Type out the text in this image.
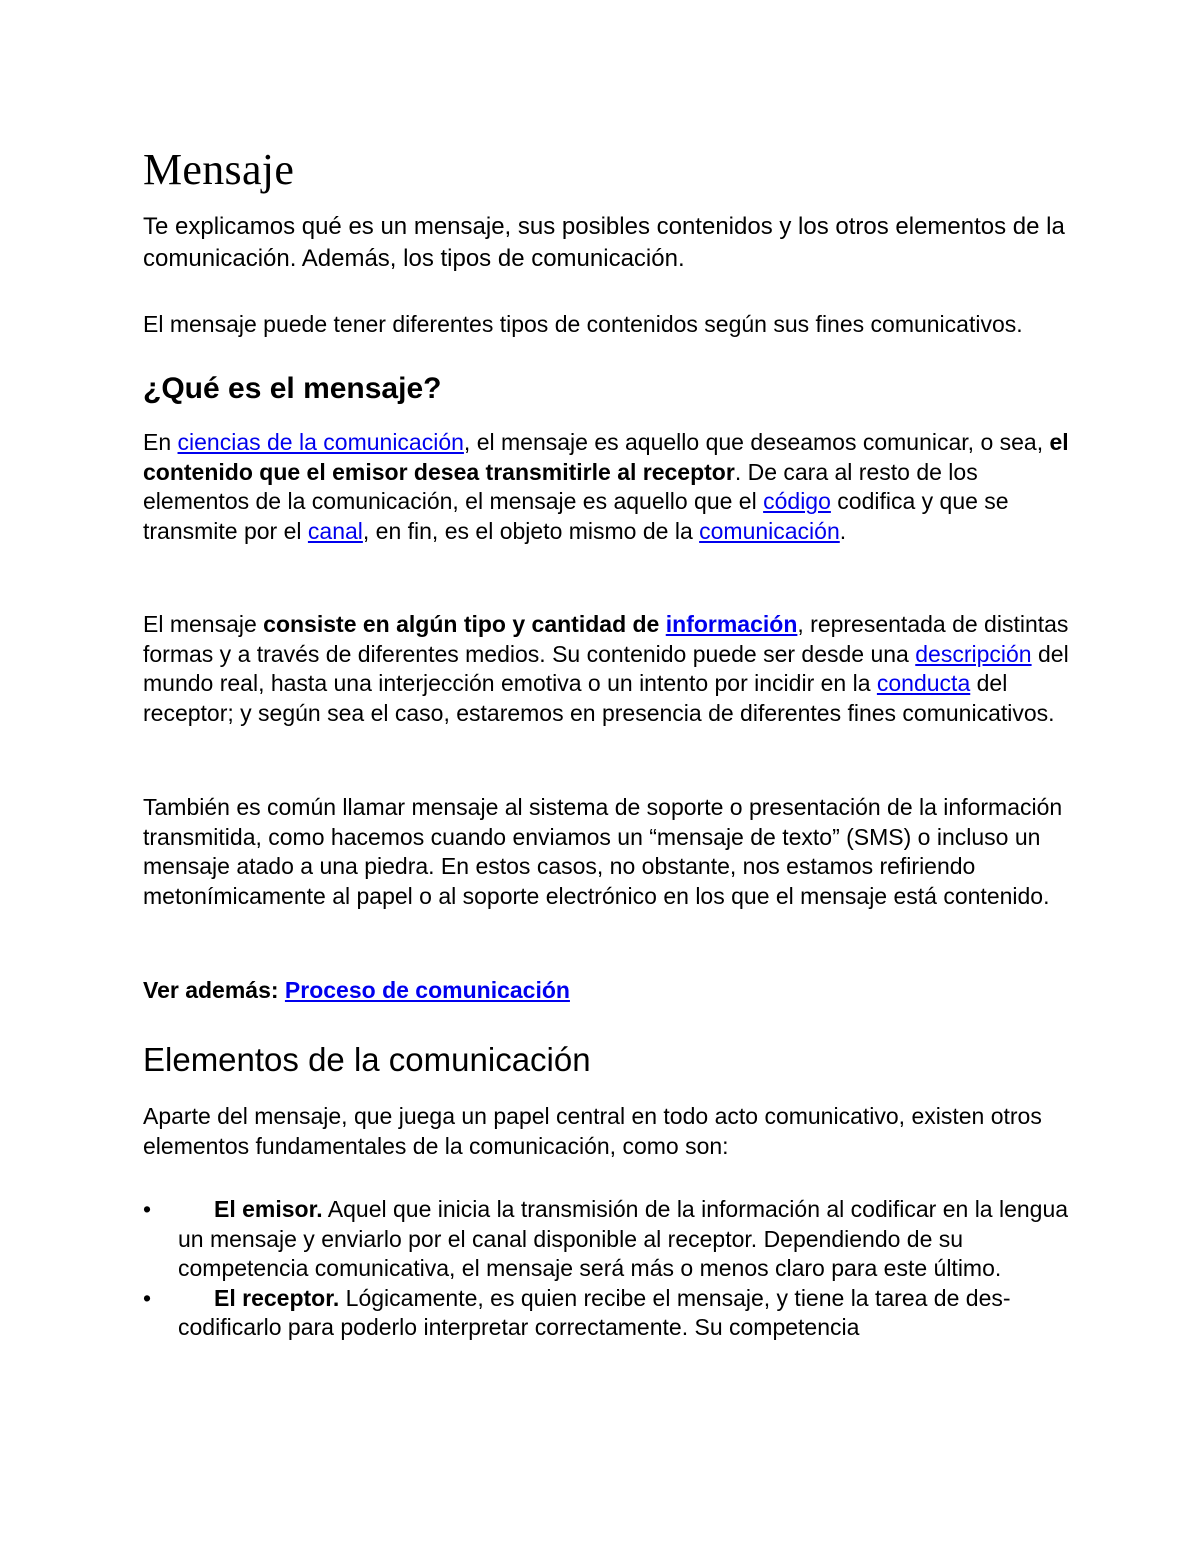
Mensaje

Te explicamos qué es un mensaje, sus posibles contenidos y los otros elementos de la comunicación. Además, los tipos de comunicación.

El mensaje puede tener diferentes tipos de contenidos según sus fines comunicativos.

¿Qué es el mensaje?

En ciencias de la comunicación, el mensaje es aquello que deseamos comunicar, o sea, el contenido que el emisor desea transmitirle al receptor. De cara al resto de los elementos de la comunicación, el mensaje es aquello que el código codifica y que se transmite por el canal, en fin, es el objeto mismo de la comunicación.

El mensaje consiste en algún tipo y cantidad de información, representada de distintas formas y a través de diferentes medios. Su contenido puede ser desde una descripción del mundo real, hasta una interjección emotiva o un intento por incidir en la conducta del receptor; y según sea el caso, estaremos en presencia de diferentes fines comunicativos.

También es común llamar mensaje al sistema de soporte o presentación de la información transmitida, como hacemos cuando enviamos un “mensaje de texto” (SMS) o incluso un mensaje atado a una piedra. En estos casos, no obstante, nos estamos refiriendo metonímicamente al papel o al soporte electrónico en los que el mensaje está contenido.

Ver además: Proceso de comunicación

Elementos de la comunicación

Aparte del mensaje, que juega un papel central en todo acto comunicativo, existen otros elementos fundamentales de la comunicación, como son:

•	El emisor. Aquel que inicia la transmisión de la información al codificar en la lengua un mensaje y enviarlo por el canal disponible al receptor. Dependiendo de su competencia comunicativa, el mensaje será más o menos claro para este último.
•	El receptor. Lógicamente, es quien recibe el mensaje, y tiene la tarea de des-codificarlo para poderlo interpretar correctamente. Su competencia
